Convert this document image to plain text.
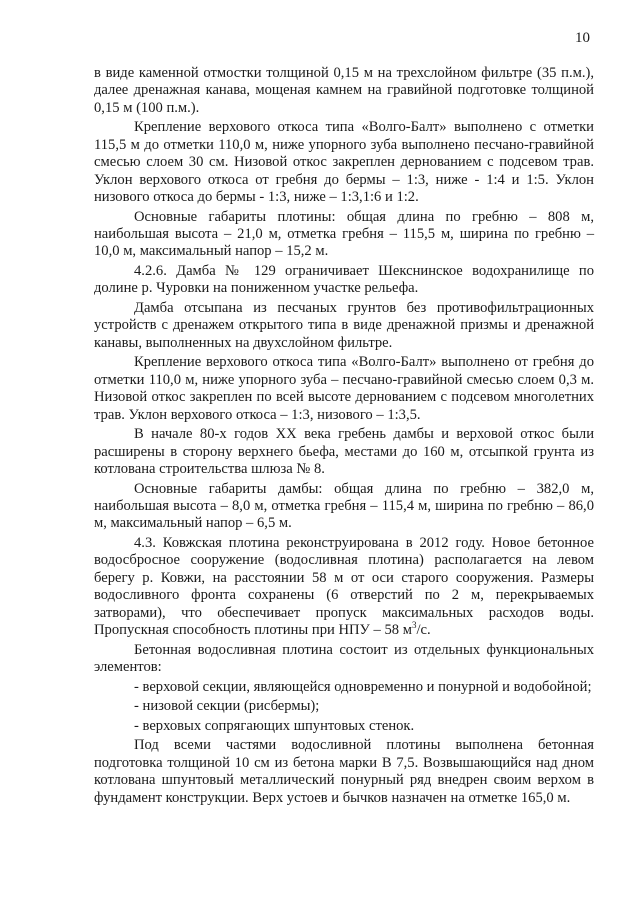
10

в виде каменной отмостки толщиной 0,15 м на трехслойном фильтре (35 п.м.), далее дренажная канава, мощеная камнем на гравийной подготовке толщиной 0,15 м (100 п.м.).

Крепление верхового откоса типа «Волго-Балт» выполнено с отметки 115,5 м до отметки 110,0 м, ниже упорного зуба выполнено песчано-гравийной смесью слоем 30 см. Низовой откос закреплен дернованием с подсевом трав. Уклон верхового откоса от гребня до бермы – 1:3, ниже - 1:4 и 1:5. Уклон низового откоса до бермы - 1:3, ниже – 1:3,1:6 и 1:2.

Основные габариты плотины: общая длина по гребню – 808 м, наибольшая высота – 21,0 м, отметка гребня – 115,5 м, ширина по гребню – 10,0 м, максимальный напор – 15,2 м.

4.2.6. Дамба № 129 ограничивает Шекснинское водохранилище по долине р. Чуровки на пониженном участке рельефа.

Дамба отсыпана из песчаных грунтов без противофильтрационных устройств с дренажем открытого типа в виде дренажной призмы и дренажной канавы, выполненных на двухслойном фильтре.

Крепление верхового откоса типа «Волго-Балт» выполнено от гребня до отметки 110,0 м, ниже упорного зуба – песчано-гравийной смесью слоем 0,3 м. Низовой откос закреплен по всей высоте дернованием с подсевом многолетних трав. Уклон верхового откоса – 1:3, низового – 1:3,5.

В начале 80-х годов XX века гребень дамбы и верховой откос были расширены в сторону верхнего бьефа, местами до 160 м, отсыпкой грунта из котлована строительства шлюза № 8.

Основные габариты дамбы: общая длина по гребню – 382,0 м, наибольшая высота – 8,0 м, отметка гребня – 115,4 м, ширина по гребню – 86,0 м, максимальный напор – 6,5 м.

4.3. Ковжская плотина реконструирована в 2012 году. Новое бетонное водосбросное сооружение (водосливная плотина) располагается на левом берегу р. Ковжи, на расстоянии 58 м от оси старого сооружения. Размеры водосливного фронта сохранены (6 отверстий по 2 м, перекрываемых затворами), что обеспечивает пропуск максимальных расходов воды. Пропускная способность плотины при НПУ – 58 $м^3/с$.

Бетонная водосливная плотина состоит из отдельных функциональных элементов:

- верховой секции, являющейся одновременно и понурной и водобойной;

- низовой секции (рисбермы);

- верховых сопрягающих шпунтовых стенок.

Под всеми частями водосливной плотины выполнена бетонная подготовка толщиной 10 см из бетона марки В 7,5. Возвышающийся над дном котлована шпунтовый металлический понурный ряд внедрен своим верхом в фундамент конструкции. Верх устоев и бычков назначен на отметке 165,0 м.
